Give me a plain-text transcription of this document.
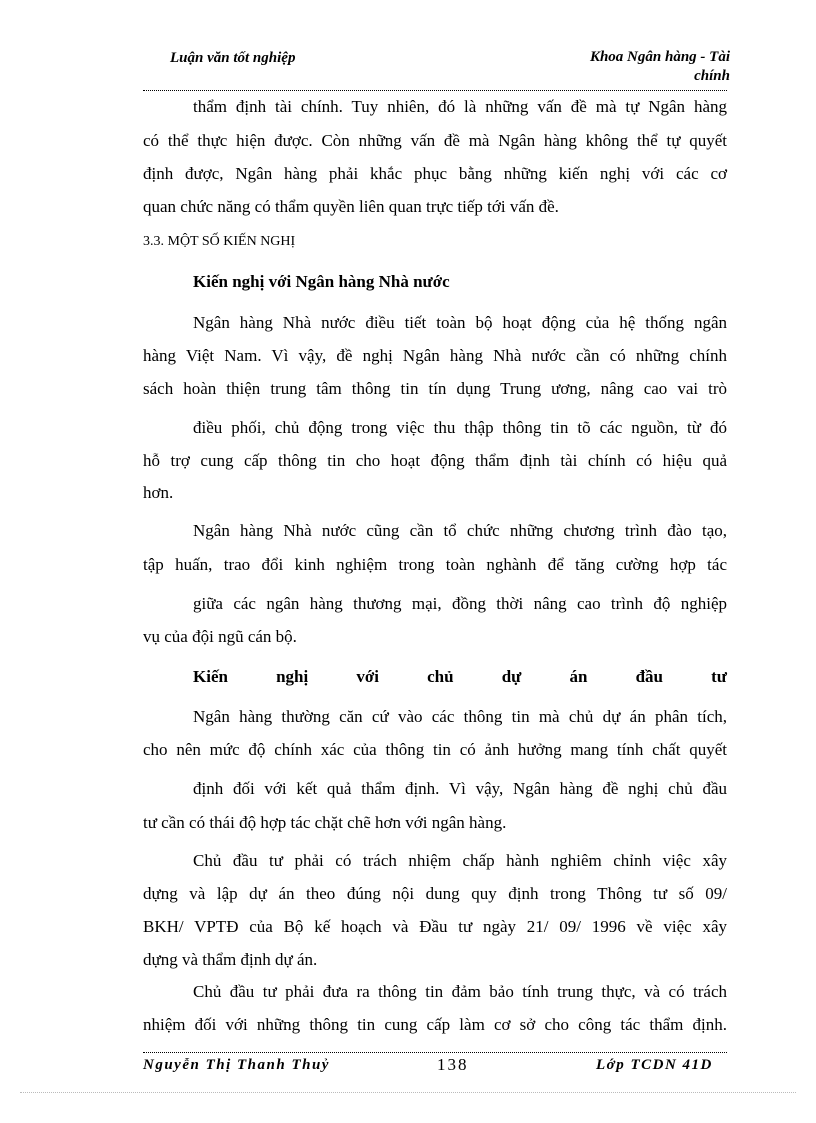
Luận văn tốt nghiệp	Khoa Ngân hàng - Tài
chính
thẩm định tài chính. Tuy nhiên, đó là những vấn đề mà tự Ngân hàng
có thể thực hiện được. Còn những vấn đề mà Ngân hàng không thể tự quyết
định được, Ngân hàng phải khắc phục bằng những kiến nghị với các cơ
quan chức năng có thẩm quyền liên quan trực tiếp tới vấn đề.
3.3. MỘT SỐ KIẾN NGHỊ
Kiến nghị với Ngân hàng Nhà nước
Ngân hàng Nhà nước điều tiết toàn bộ hoạt động của hệ thống ngân
hàng Việt Nam. Vì vậy, đề nghị Ngân hàng Nhà nước cần có những chính
sách hoàn thiện trung tâm thông tin tín dụng Trung ương, nâng cao vai trò
điều phối, chủ động trong việc thu thập thông tin tõ các nguồn, từ đó
hỗ trợ cung cấp thông tin cho hoạt động thẩm định tài chính có hiệu quả
hơn.
Ngân hàng Nhà nước cũng cần tổ chức những chương trình đào tạo,
tập huấn, trao đổi kinh nghiệm trong toàn nghành để tăng cường hợp tác
giữa các ngân hàng thương mại, đồng thời nâng cao trình độ nghiệp
vụ của đội ngũ cán bộ.
Kiến nghị với chủ dự án đầu tư
Ngân hàng thường căn cứ vào các thông tin mà chủ dự án phân tích,
cho nên mức độ chính xác của thông tin có ảnh hưởng mang tính chất quyết
định đối với kết quả thẩm định. Vì vậy, Ngân hàng đề nghị chủ đầu
tư cần có thái độ hợp tác chặt chẽ hơn với ngân hàng.
Chủ đầu tư phải có trách nhiệm chấp hành nghiêm chỉnh việc xây
dựng và lập dự án theo đúng nội dung quy định trong Thông tư số 09/
BKH/ VPTĐ của Bộ kế hoạch và Đầu tư ngày 21/ 09/ 1996 về việc xây
dựng và thẩm định dự án.
Chủ đầu tư phải đưa ra thông tin đảm bảo tính trung thực, và có trách
nhiệm đối với những thông tin cung cấp làm cơ sở cho công tác thẩm định.
Nguyễn Thị Thanh Thuỷ	138	Lớp TCDN 41D
